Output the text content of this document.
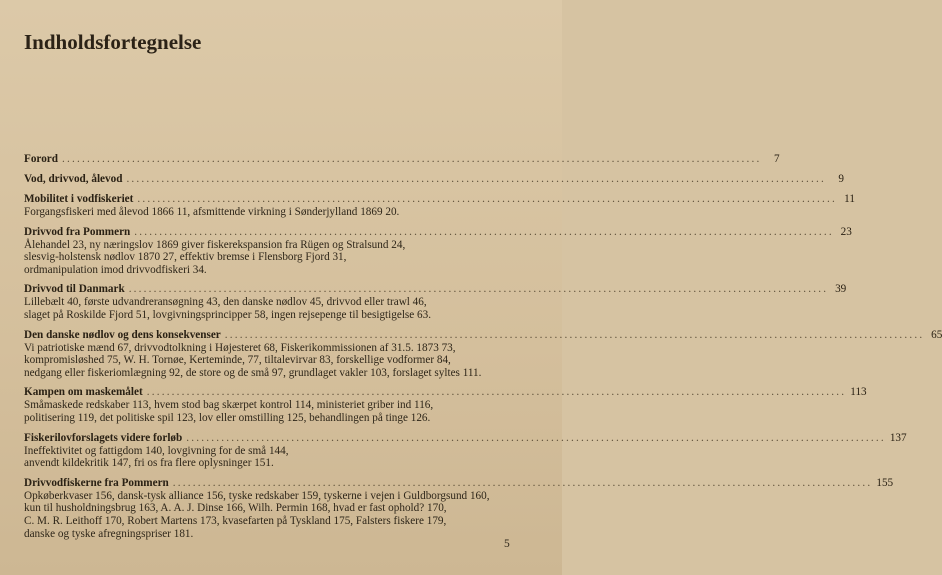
Indholdsfortegnelse
Forord ............................................................................................................................................	7
Vod, drivvod, ålevod ............................................................................................................................................	9
Mobilitet i vodfiskeriet ............................................................................................................................................ 11
Forgangsfiskeri med ålevod 1866 11, afsmittende virkning i Sønderjylland 1869 20.
Drivvod fra Pommern ............................................................................................................................................ 23
Ålehandel 23, ny næringslov 1869 giver fiskerekspansion fra Rügen og Stralsund 24,
slesvig-holstensk nødlov 1870 27, effektiv bremse i Flensborg Fjord 31,
ordmanipulation imod drivvodfiskeri 34.
Drivvod til Danmark ............................................................................................................................................ 39
Lillebælt 40, første udvandreransøgning 43, den danske nødlov 45, drivvod eller trawl 46,
slaget på Roskilde Fjord 51, lovgivningsprincipper 58, ingen rejsepenge til besigtigelse 63.
Den danske nødlov og dens konsekvenser ............................................................................................................................................ 65
Vi patriotiske mænd 67, drivvodtolkning i Højesteret 68, Fiskerikommissionen af 31.5. 1873 73,
kompromisløshed 75, W. H. Tornøe, Kerteminde, 77, tiltalevirvar 83, forskellige vodformer 84,
nedgang eller fiskeriomlægning 92, de store og de små 97, grundlaget vakler 103, forslaget syltes 111.
Kampen om maskemålet ............................................................................................................................................ 113
Småmaskede redskaber 113, hvem stod bag skærpet kontrol 114, ministeriet griber ind 116,
politisering 119, det politiske spil 123, lov eller omstilling 125, behandlingen på tinge 126.
Fiskerilovforslagets videre forløb ............................................................................................................................................ 137
Ineffektivitet og fattigdom 140, lovgivning for de små 144,
anvendt kildekritik 147, fri os fra flere oplysninger 151.
Drivvodfiskerne fra Pommern ............................................................................................................................................ 155
Opkøberkvaser 156, dansk-tysk alliance 156, tyske redskaber 159, tyskerne i vejen i Guldborgsund 160,
kun til husholdningsbrug 163, A. A. J. Dinse 166, Wilh. Permin 168, hvad er fast ophold? 170,
C. M. R. Leithoff 170, Robert Martens 173, kvasefarten på Tyskland 175, Falsters fiskere 179,
danske og tyske afregningspriser 181.
5
